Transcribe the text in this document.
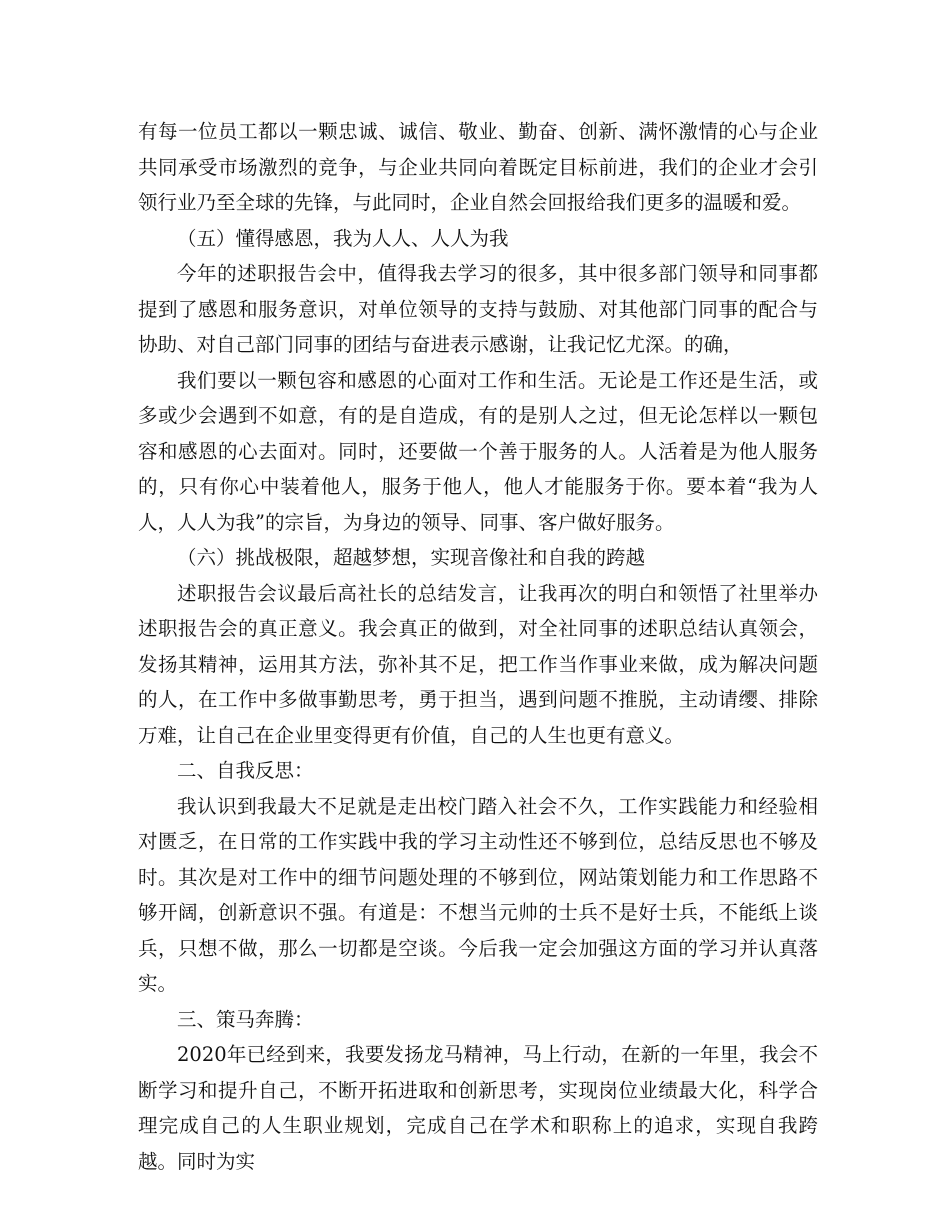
有每一位员工都以一颗忠诚、诚信、敬业、勤奋、创新、满怀激情的心与企业共同承受市场激烈的竞争，与企业共同向着既定目标前进，我们的企业才会引领行业乃至全球的先锋，与此同时，企业自然会回报给我们更多的温暖和爱。

（五）懂得感恩，我为人人、人人为我

今年的述职报告会中，值得我去学习的很多，其中很多部门领导和同事都提到了感恩和服务意识，对单位领导的支持与鼓励、对其他部门同事的配合与协助、对自己部门同事的团结与奋进表示感谢，让我记忆尤深。的确，

我们要以一颗包容和感恩的心面对工作和生活。无论是工作还是生活，或多或少会遇到不如意，有的是自造成，有的是别人之过，但无论怎样以一颗包容和感恩的心去面对。同时，还要做一个善于服务的人。人活着是为他人服务的，只有你心中装着他人，服务于他人，他人才能服务于你。要本着“我为人人，人人为我”的宗旨，为身边的领导、同事、客户做好服务。

（六）挑战极限，超越梦想，实现音像社和自我的跨越

述职报告会议最后高社长的总结发言，让我再次的明白和领悟了社里举办述职报告会的真正意义。我会真正的做到，对全社同事的述职总结认真领会，发扬其精神，运用其方法，弥补其不足，把工作当作事业来做，成为解决问题的人，在工作中多做事勤思考，勇于担当，遇到问题不推脱，主动请缨、排除万难，让自己在企业里变得更有价值，自己的人生也更有意义。

二、自我反思：

我认识到我最大不足就是走出校门踏入社会不久，工作实践能力和经验相对匮乏，在日常的工作实践中我的学习主动性还不够到位，总结反思也不够及时。其次是对工作中的细节问题处理的不够到位，网站策划能力和工作思路不够开阔，创新意识不强。有道是：不想当元帅的士兵不是好士兵，不能纸上谈兵，只想不做，那么一切都是空谈。今后我一定会加强这方面的学习并认真落实。

三、策马奔腾：

2020年已经到来，我要发扬龙马精神，马上行动，在新的一年里，我会不断学习和提升自己，不断开拓进取和创新思考，实现岗位业绩最大化，科学合理完成自己的人生职业规划，完成自己在学术和职称上的追求，实现自我跨越。同时为实
